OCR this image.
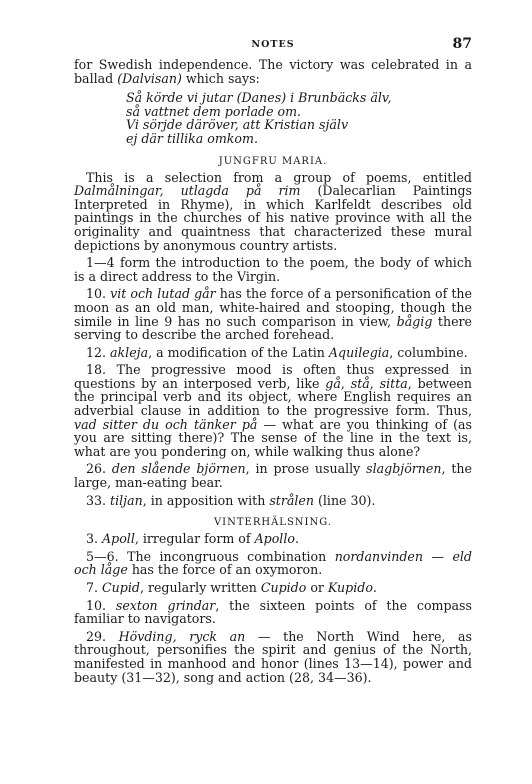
NOTES	87

for Swedish independence. The victory was celebrated in a ballad (Dalvisan) which says:

Så körde vi jutar (Danes) i Brunbäcks älv,
så vattnet dem porlade om.
Vi sörjde däröver, att Kristian själv
ej där tillika omkom.
JUNGFRU MARIA.

This is a selection from a group of poems, entitled Dalmålningar, utlagda på rim (Dalecarlian Paintings Interpreted in Rhyme), in which Karlfeldt describes old paintings in the churches of his native province with all the originality and quaintness that characterized these mural depictions by anonymous country artists.

1—4 form the introduction to the poem, the body of which is a direct address to the Virgin.

10. vit och lutad går has the force of a personification of the moon as an old man, white-haired and stooping, though the simile in line 9 has no such comparison in view, bågig there serving to describe the arched forehead.

12. akleja, a modification of the Latin Aquilegia, columbine.

18. The progressive mood is often thus expressed in questions by an interposed verb, like gå, stå, sitta, between the principal verb and its object, where English requires an adverbial clause in addition to the progressive form. Thus, vad sitter du och tänker på — what are you thinking of (as you are sitting there)? The sense of the line in the text is, what are you pondering on, while walking thus alone?

26. den slående björnen, in prose usually slagbjörnen, the large, man-eating bear.

33. tiljan, in apposition with strålen (line 30).

VINTERHÄLSNING.

3. Apoll, irregular form of Apollo.

5—6. The incongruous combination nordanvinden — eld och låge has the force of an oxymoron.

7. Cupid, regularly written Cupido or Kupido.

10. sexton grindar, the sixteen points of the compass familiar to navigators.

29. Hövding, ryck an — the North Wind here, as throughout, personifies the spirit and genius of the North, manifested in manhood and honor (lines 13—14), power and beauty (31—32), song and action (28, 34—36).
